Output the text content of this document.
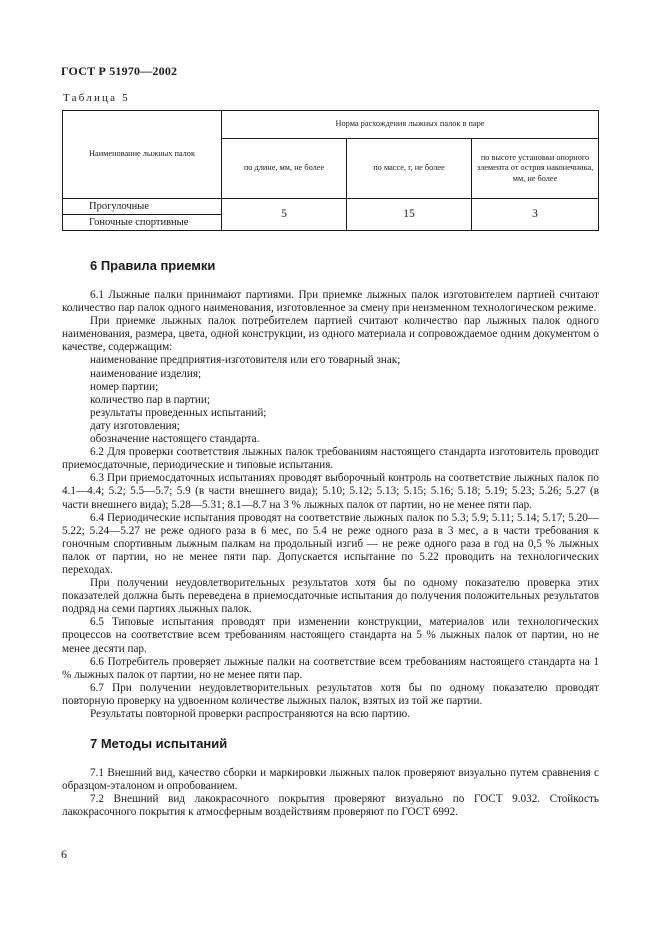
ГОСТ Р 51970—2002
Таблица 5
Наименование лыжных палок	Норма расхождения лыжных палок в паре		
	по длине, мм, не более	по массе, г, не более	по высоте установки опорного элемента от острия наконечника, мм, не более
Прогулочные	5	15	3
Гоночные спортивные			
6 Правила приемки

6.1 Лыжные палки принимают партиями. При приемке лыжных палок изготовителем партией считают количество пар палок одного наименования, изготовленное за смену при неизменном технологическом режиме.

При приемке лыжных палок потребителем партией считают количество пар лыжных палок одного наименования, размера, цвета, одной конструкции, из одного материала и сопровождаемое одним документом о качестве, содержащим:

наименование предприятия-изготовителя или его товарный знак;

наименование изделия;

номер партии;

количество пар в партии;

результаты проведенных испытаний;

дату изготовления;

обозначение настоящего стандарта.

6.2 Для проверки соответствия лыжных палок требованиям настоящего стандарта изготовитель проводит приемосдаточные, периодические и типовые испытания.

6.3 При приемосдаточных испытаниях проводят выборочный контроль на соответствие лыжных палок по 4.1—4.4; 5.2; 5.5—5.7; 5.9 (в части внешнего вида); 5.10; 5.12; 5.13; 5.15; 5.16; 5.18; 5.19; 5.23; 5.26; 5.27 (в части внешнего вида); 5.28—5.31; 8.1—8.7 на 3 % лыжных палок от партии, но не менее пяти пар.

6.4 Периодические испытания проводят на соответствие лыжных палок по 5.3; 5.9; 5.11; 5.14; 5.17; 5.20—5.22; 5.24—5.27 не реже одного раза в 6 мес, по 5.4 не реже одного раза в 3 мес, а в части требования к гоночным спортивным лыжным палкам на продольный изгиб — не реже одного раза в год на 0,5 % лыжных палок от партии, но не менее пяти пар. Допускается испытание по 5.22 проводить на технологических переходах.

При получении неудовлетворительных результатов хотя бы по одному показателю проверка этих показателей должна быть переведена в приемосдаточные испытания до получения положительных результатов подряд на семи партиях лыжных палок.

6.5 Типовые испытания проводят при изменении конструкции, материалов или технологических процессов на соответствие всем требованиям настоящего стандарта на 5 % лыжных палок от партии, но не менее десяти пар.

6.6 Потребитель проверяет лыжные палки на соответствие всем требованиям настоящего стандарта на 1 % лыжных палок от партии, но не менее пяти пар.

6.7 При получении неудовлетворительных результатов хотя бы по одному показателю проводят повторную проверку на удвоенном количестве лыжных палок, взятых из той же партии.

Результаты повторной проверки распространяются на всю партию.

7 Методы испытаний

7.1 Внешний вид, качество сборки и маркировки лыжных палок проверяют визуально путем сравнения с образцом-эталоном и опробованием.

7.2 Внешний вид лакокрасочного покрытия проверяют визуально по ГОСТ 9.032. Стойкость лакокрасочного покрытия к атмосферным воздействиям проверяют по ГОСТ 6992.

6
